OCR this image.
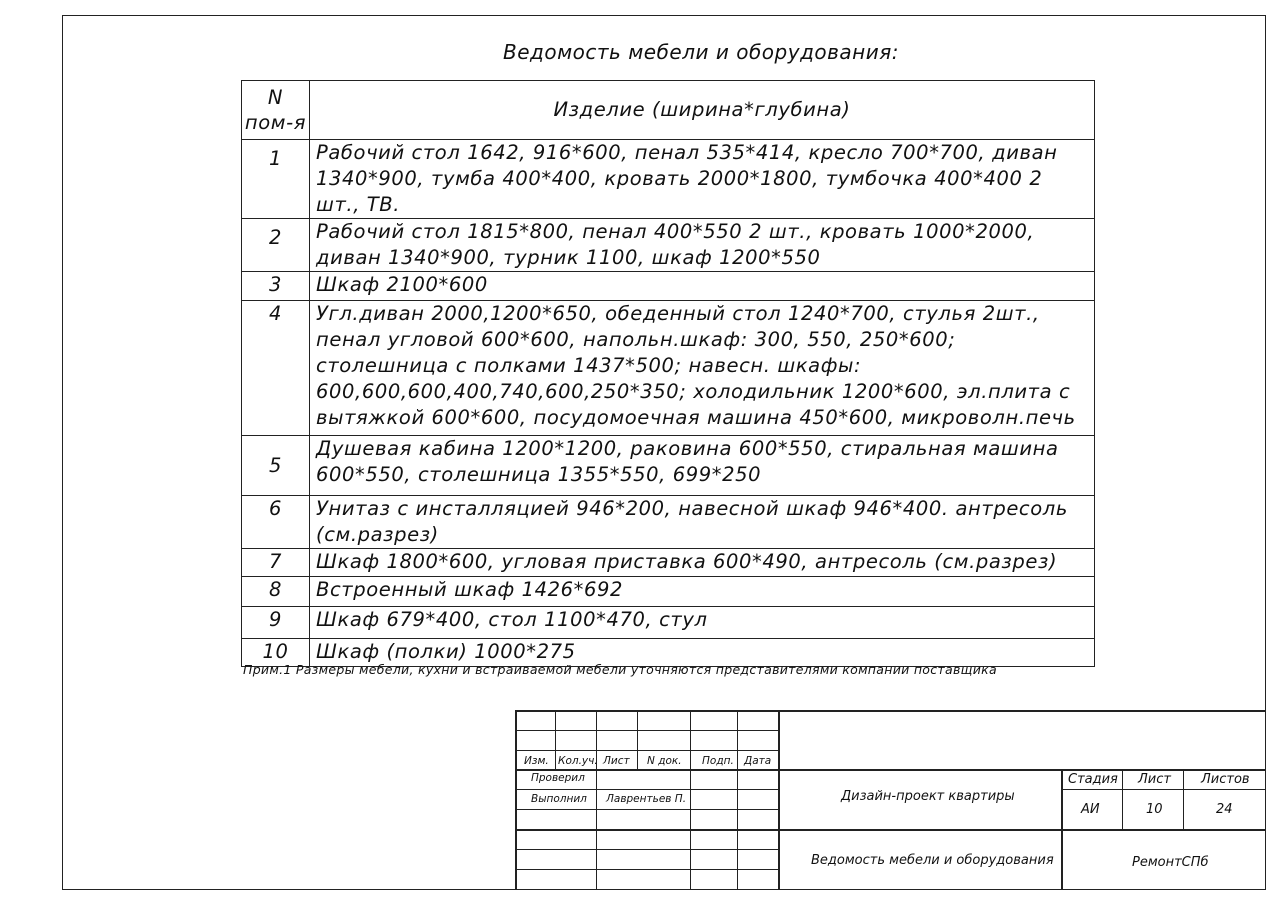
Ведомость мебели и оборудования:
N
пом-я	Изделие (ширина*глубина)
1	Рабочий стол 1642, 916*600, пенал 535*414, кресло 700*700, диван 1340*900, тумба 400*400, кровать 2000*1800, тумбочка 400*400 2 шт., ТВ.
2	Рабочий стол 1815*800, пенал 400*550 2 шт., кровать 1000*2000, диван 1340*900, турник 1100, шкаф 1200*550
3	Шкаф 2100*600
4	Угл.диван 2000,1200*650, обеденный стол 1240*700, стулья 2шт., пенал угловой 600*600, напольн.шкаф: 300, 550, 250*600; столешница с полками 1437*500; навесн. шкафы: 600,600,600,400,740,600,250*350; холодильник 1200*600, эл.плита с вытяжкой 600*600, посудомоечная машина 450*600, микроволн.печь
5	Душевая кабина 1200*1200, раковина 600*550, стиральная машина 600*550, столешница 1355*550, 699*250
6	Унитаз с инсталляцией 946*200, навесной шкаф 946*400. антресоль (см.разрез)
7	Шкаф 1800*600, угловая приставка 600*490, антресоль (см.разрез)
8	Встроенный шкаф 1426*692
9	Шкаф 679*400, стол 1100*470, стул
10	Шкаф (полки) 1000*275
Прим.1 Размеры мебели, кухни и встраиваемой мебели уточняются представителями компании поставщика
Изм. Кол.уч. Лист N док. Подп. Дата
Проверил
Выполнил Лаврентьев П.	Дизайн-проект квартиры
Ведомость мебели и оборудования
Стадия Лист Листов
АИ	10	24
РемонтСПб
